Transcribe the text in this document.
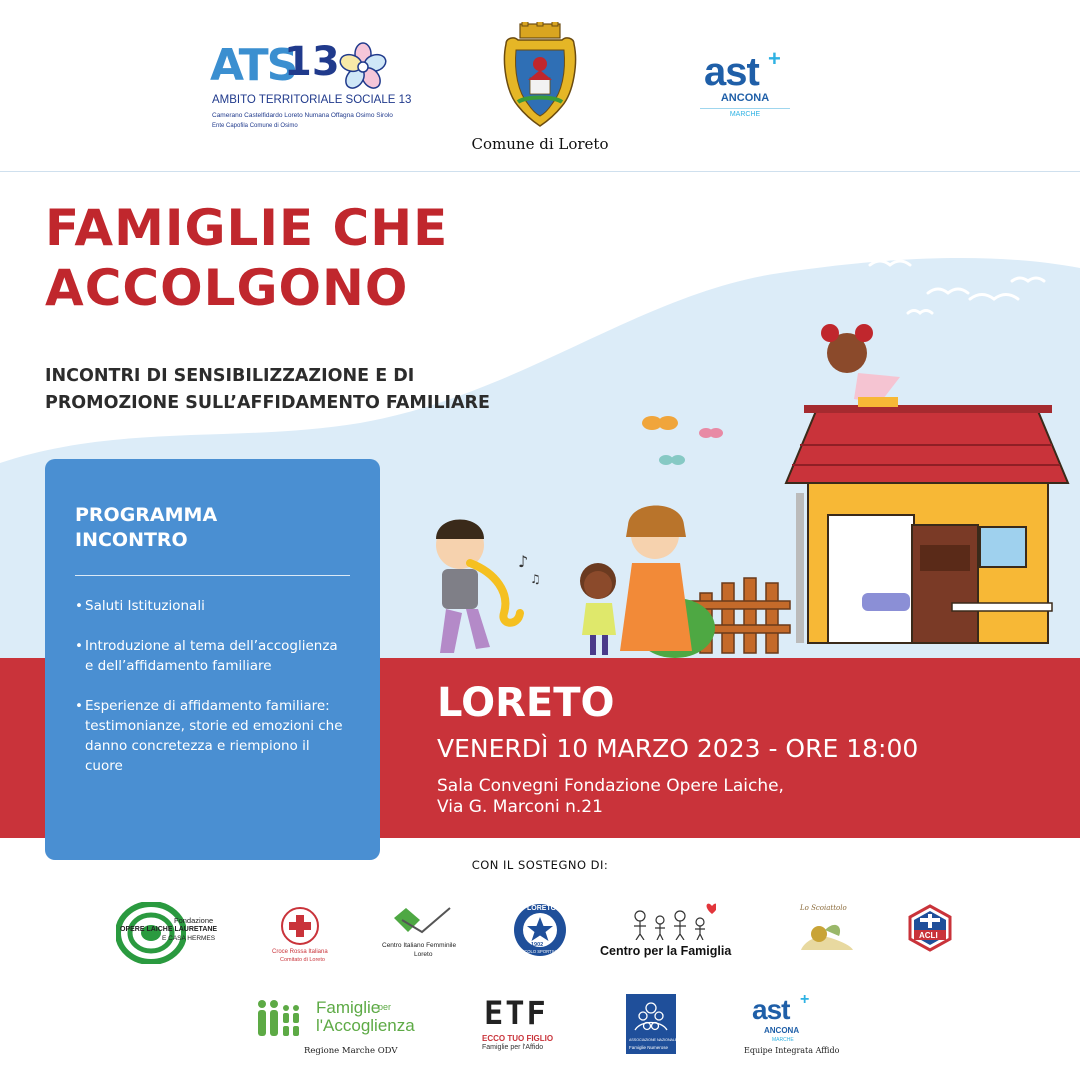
ATS
13
AMBITO TERRITORIALE SOCIALE 13
Camerano Castelfidardo Loreto Numana Offagna Osimo Sirolo
Ente Capofila Comune di Osimo
Comune di Loreto
ast +
ANCONA
MARCHE
FAMIGLIE CHE
ACCOLGONO
INCONTRI DI SENSIBILIZZAZIONE E DI
PROMOZIONE SULL’AFFIDAMENTO FAMILIARE
♪
♫
LORETO
VENERDÌ 10 MARZO 2023 - ORE 18:00
Sala Convegni Fondazione Opere Laiche,
Via G. Marconi n.21
PROGRAMMA
INCONTRO
• Saluti Istituzionali
• Introduzione al tema dell’accoglienza e dell’affidamento familiare
• Esperienze di affidamento familiare: testimonianze, storie ed emozioni che danno concretezza e riempiono il cuore
CON IL SOSTEGNO DI:
Fondazione
OPERE LAICHE LAURETANE
E CASA HERMES
Croce Rossa Italiana
Comitato di Loreto
Centro Italiano Femminile
Loreto
LORETO
1902
CIRCOLO SPORTIVO	Centro per la Famiglia
Lo Scoiattolo
ACLI
Famiglie
per
l'Accoglienza
Regione Marche ODV
ETF
ECCO TUO FIGLIO
Famiglie per l'Affido
ASSOCIAZIONE NAZIONALE
Famiglie Numerose
ast +
ANCONA
MARCHE
Equipe Integrata Affido
